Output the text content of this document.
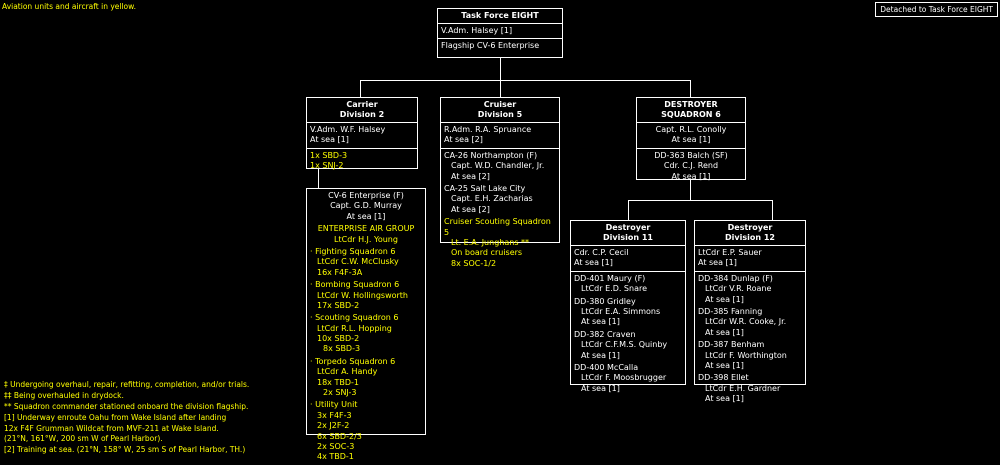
Aviation units and aircraft in yellow.	Detached to Task Force EIGHT
Task Force EIGHT
V.Adm. Halsey [1]
Flagship CV-6 Enterprise
Carrier
Division 2
V.Adm. W.F. Halsey
At sea [1]
1x SBD-3
1x SNJ-2
CV-6 Enterprise (F)
Capt. G.D. Murray
At sea [1]
ENTERPRISE AIR GROUP
LtCdr H.J. Young
· Fighting Squadron 6
LtCdr C.W. McClusky
16x F4F-3A
· Bombing Squadron 6
LtCdr W. Hollingsworth
17x SBD-2
· Scouting Squadron 6
LtCdr R.L. Hopping
10x SBD-2
8x SBD-3
· Torpedo Squadron 6
LtCdr A. Handy
18x TBD-1
2x SNJ-3
· Utility Unit
3x F4F-3
2x J2F-2
6x SBD-2/3
2x SOC-3
4x TBD-1
Cruiser
Division 5
R.Adm. R.A. Spruance
At sea [2]
CA-26 Northampton (F)
Capt. W.D. Chandler, Jr.
At sea [2]
CA-25 Salt Lake City
Capt. E.H. Zacharias
At sea [2]
Cruiser Scouting Squadron 5
Lt. E.A. Junghans **
On board cruisers
8x SOC-1/2
DESTROYER
SQUADRON 6
Capt. R.L. Conolly
At sea [1]
DD-363 Balch (SF)
Cdr. C.J. Rend
At sea [1]
Destroyer
Division 11
Cdr. C.P. Cecil
At sea [1]
DD-401 Maury (F)
LtCdr E.D. Snare
DD-380 Gridley
LtCdr E.A. Simmons
At sea [1]
DD-382 Craven
LtCdr C.F.M.S. Quinby
At sea [1]
DD-400 McCalla
LtCdr F. Moosbrugger
At sea [1]
Destroyer
Division 12
LtCdr E.P. Sauer
At sea [1]
DD-384 Dunlap (F)
LtCdr V.R. Roane
At sea [1]
DD-385 Fanning
LtCdr W.R. Cooke, Jr.
At sea [1]
DD-387 Benham
LtCdr F. Worthington
At sea [1]
DD-398 Ellet
LtCdr E.H. Gardner
At sea [1]
‡ Undergoing overhaul, repair, refitting, completion, and/or trials.
‡‡ Being overhauled in drydock.
** Squadron commander stationed onboard the division flagship.
[1] Underway enroute Oahu from Wake Island after landing
12x F4F Grumman Wildcat from MVF-211 at Wake Island.
(21°N, 161°W, 200 sm W of Pearl Harbor).
[2] Training at sea. (21°N, 158° W, 25 sm S of Pearl Harbor, TH.)
